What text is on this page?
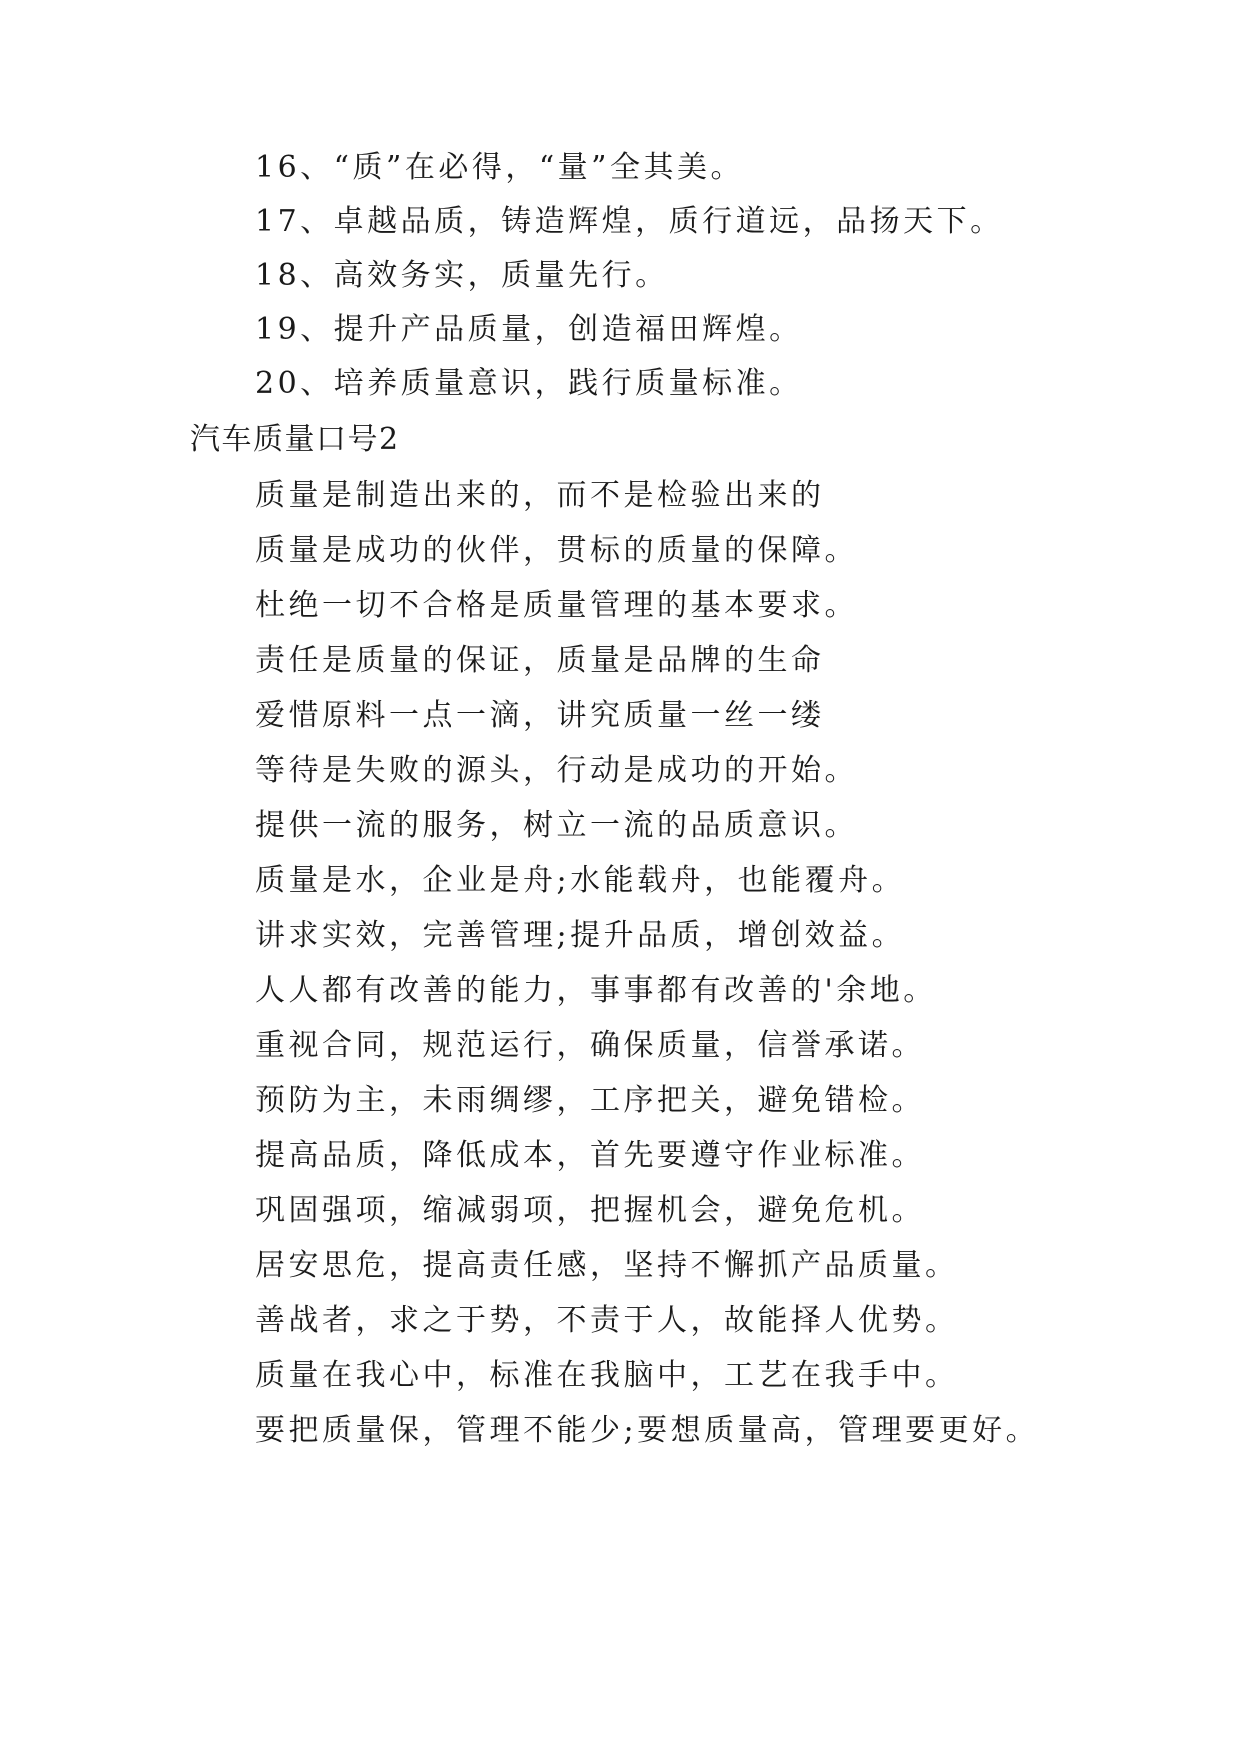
16、“质”在必得，“量”全其美。
17、卓越品质，铸造辉煌，质行道远，品扬天下。
18、高效务实，质量先行。
19、提升产品质量，创造福田辉煌。
20、培养质量意识，践行质量标准。
汽车质量口号2
质量是制造出来的，而不是检验出来的
质量是成功的伙伴，贯标的质量的保障。
杜绝一切不合格是质量管理的基本要求。
责任是质量的保证，质量是品牌的生命
爱惜原料一点一滴，讲究质量一丝一缕
等待是失败的源头，行动是成功的开始。
提供一流的服务，树立一流的品质意识。
质量是水，企业是舟;水能载舟，也能覆舟。
讲求实效，完善管理;提升品质，增创效益。
人人都有改善的能力，事事都有改善的'余地。
重视合同，规范运行，确保质量，信誉承诺。
预防为主，未雨绸缪，工序把关，避免错检。
提高品质，降低成本，首先要遵守作业标准。
巩固强项，缩减弱项，把握机会，避免危机。
居安思危，提高责任感，坚持不懈抓产品质量。
善战者，求之于势，不责于人，故能择人优势。
质量在我心中，标准在我脑中，工艺在我手中。
要把质量保，管理不能少;要想质量高，管理要更好。
